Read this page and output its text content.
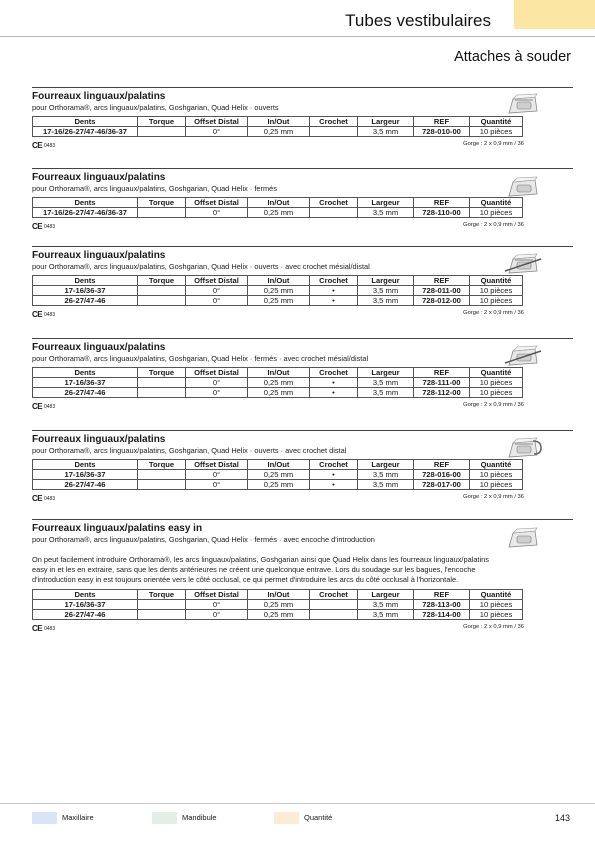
Tubes vestibulaires
Attaches à souder
Fourreaux linguaux/palatins
pour Orthorama®, arcs linguaux/palatins, Goshgarian, Quad Helix · ouverts
Dents	Torque	Offset Distal	In/Out	Crochet	Largeur	REF	Quantité
17-16/26-27/47-46/36-37		0°	0,25 mm		3,5 mm	728-010-00	10 pièces
CE 0483	Gorge : 2 x 0,9 mm / 36
Fourreaux linguaux/palatins
pour Orthorama®, arcs linguaux/palatins, Goshgarian, Quad Helix · fermés
Dents	Torque	Offset Distal	In/Out	Crochet	Largeur	REF	Quantité
17-16/26-27/47-46/36-37		0°	0,25 mm		3,5 mm	728-110-00	10 pièces
CE 0483	Gorge : 2 x 0,9 mm / 36
Fourreaux linguaux/palatins
pour Orthorama®, arcs linguaux/palatins, Goshgarian, Quad Helix · ouverts · avec crochet mésial/distal
Dents	Torque	Offset Distal	In/Out	Crochet	Largeur	REF	Quantité
17-16/36-37		0°	0,25 mm	•	3,5 mm	728-011-00	10 pièces
26-27/47-46		0°	0,25 mm	•	3,5 mm	728-012-00	10 pièces
CE 0483	Gorge : 2 x 0,9 mm / 36
Fourreaux linguaux/palatins
pour Orthorama®, arcs linguaux/palatins, Goshgarian, Quad Helix · fermés · avec crochet mésial/distal
Dents	Torque	Offset Distal	In/Out	Crochet	Largeur	REF	Quantité
17-16/36-37		0°	0,25 mm	•	3,5 mm	728-111-00	10 pièces
26-27/47-46		0°	0,25 mm	•	3,5 mm	728-112-00	10 pièces
CE 0483	Gorge : 2 x 0,9 mm / 36
Fourreaux linguaux/palatins
pour Orthorama®, arcs linguaux/palatins, Goshgarian, Quad Helix · ouverts · avec crochet distal
Dents	Torque	Offset Distal	In/Out	Crochet	Largeur	REF	Quantité
17-16/36-37		0°	0,25 mm	•	3,5 mm	728-016-00	10 pièces
26-27/47-46		0°	0,25 mm	•	3,5 mm	728-017-00	10 pièces
CE 0483	Gorge : 2 x 0,9 mm / 36
Fourreaux linguaux/palatins easy in
pour Orthorama®, arcs linguaux/palatins, Goshgarian, Quad Helix · fermés · avec encoche d'introduction

On peut facilement introduire Orthorama®, les arcs linguaux/palatins, Goshgarian ainsi que Quad Helix dans les fourreaux linguaux/palatins

easy in et les en extraire, sans que les dents antérieures ne créent une quelconque entrave. Lors du soudage sur les bagues, l'encoche

d'introduction easy in est toujours orientée vers le côté occlusal, ce qui permet d'introduire les arcs du côté occlusal à l'horizontale.

Dents	Torque	Offset Distal	In/Out	Crochet	Largeur	REF	Quantité
17-16/36-37		0°	0,25 mm		3,5 mm	728-113-00	10 pièces
26-27/47-46		0°	0,25 mm		3,5 mm	728-114-00	10 pièces
CE 0483	Gorge : 2 x 0,9 mm / 36
Maxillaire	Mandibule	Quantité	143
